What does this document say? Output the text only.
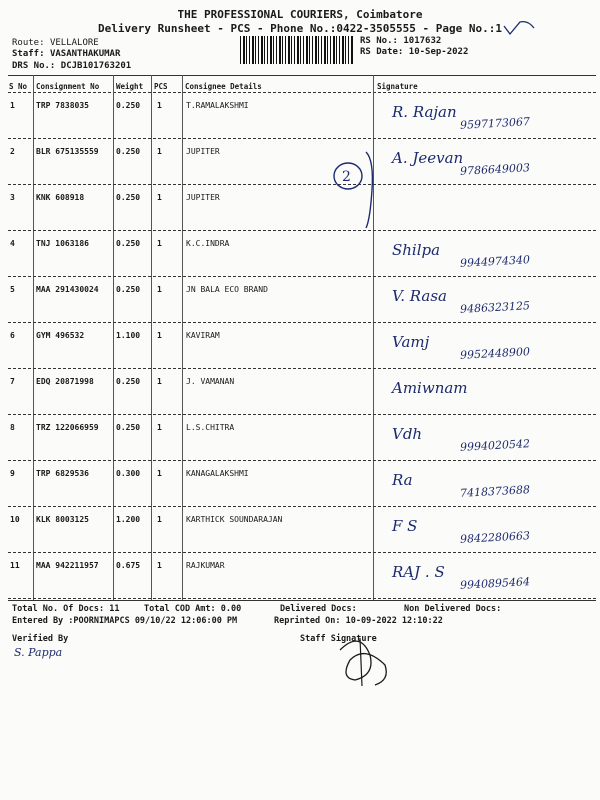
THE PROFESSIONAL COURIERS, Coimbatore
Delivery Runsheet - PCS - Phone No.:0422-3505555 - Page No.:1
Route: VELLALORE
Staff: VASANTHAKUMAR
DRS No.: DCJB101763201
RS No.: 1017632
RS Date: 10-Sep-2022
S No Consignment No Weight PCS Consignee Details	Signature
1	TRP 7838035	0.250 1	T.RAMALAKSHMI	R. Rajan
9597173067
2	BLR 675135559 0.250 1	JUPITER	A. Jeevan
9786649003
3	KNK 608918	0.250 1	JUPITER
4	TNJ 1063186	0.250 1	K.C.INDRA	Shilpa
9944974340
5	MAA 291430024 0.250 1	JN BALA ECO BRAND	V. Rasa
9486323125
6	GYM 496532	1.100 1	KAVIRAM	Vamj
9952448900
7	EDQ 20871998	0.250 1	J. VAMANAN	Amiwnam
8	TRZ 122066959 0.250 1	L.S.CHITRA	Vdh
9994020542
9	TRP 6829536	0.300 1	KANAGALAKSHMI	Ra
7418373688
10 KLK 8003125	1.200 1	KARTHICK SOUNDARAJAN	F S
9842280663
11 MAA 942211957 0.675 1	RAJKUMAR	RAJ . S
9940895464
2
Total No. Of Docs: 11	Total COD Amt: 0.00	Delivered Docs:	Non Delivered Docs:
Entered By :POORNIMAPCS 09/10/22 12:06:00 PM	Reprinted On: 10-09-2022 12:10:22
Verified By
S. Pappa
Staff Signature
